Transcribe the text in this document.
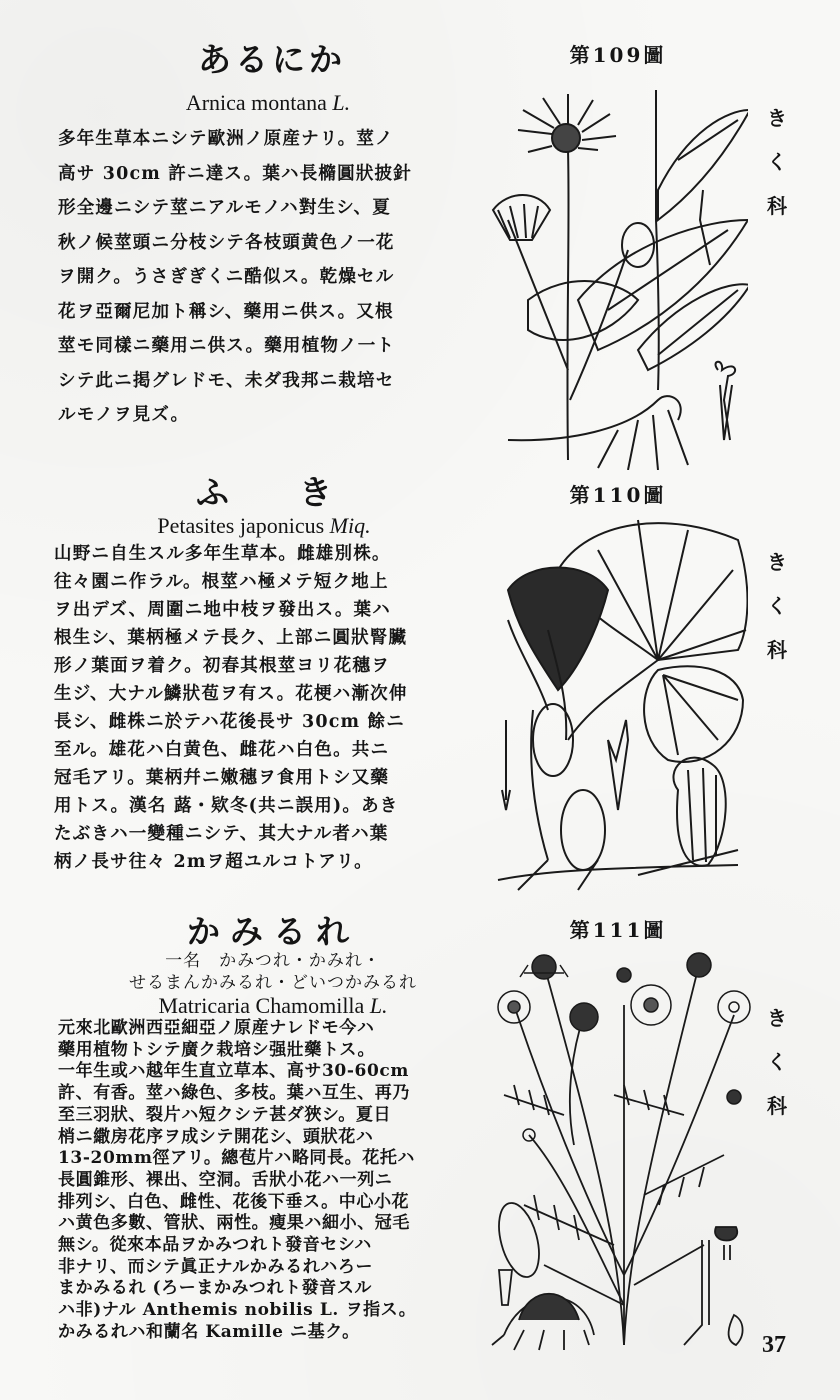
あるにか
Arnica montana L.
多年生草本ニシテ歐洲ノ原産ナリ。莖ノ
高サ 30cm 許ニ達ス。葉ハ長橢圓狀披針
形全邊ニシテ莖ニアルモノハ對生シ、夏
秋ノ候莖頭ニ分枝シテ各枝頭黄色ノ一花
ヲ開ク。うさぎぎくニ酷似ス。乾燥セル
花ヲ亞爾尼加ト稱シ、藥用ニ供ス。又根
莖モ同樣ニ藥用ニ供ス。藥用植物ノ一ト
シテ此ニ掲グレドモ、未ダ我邦ニ栽培セ
ルモノヲ見ズ。
第109圖
ふき
Petasites japonicus Miq.
山野ニ自生スル多年生草本。雌雄別株。
往々園ニ作ラル。根莖ハ極メテ短ク地上
ヲ出デズ、周圍ニ地中枝ヲ發出ス。葉ハ
根生シ、葉柄極メテ長ク、上部ニ圓狀腎臟
形ノ葉面ヲ着ク。初春其根莖ヨリ花穗ヲ
生ジ、大ナル鱗狀苞ヲ有ス。花梗ハ漸次伸
長シ、雌株ニ於テハ花後長サ 30cm 餘ニ
至ル。雄花ハ白黄色、雌花ハ白色。共ニ
冠毛アリ。葉柄幷ニ嫩穗ヲ食用トシ又藥
用トス。漢名 蕗・欵冬(共ニ誤用)。あき
たぶきハ一變種ニシテ、其大ナル者ハ葉
柄ノ長サ往々 2mヲ超ユルコトアリ。
第110圖
かみるれ
一名　かみつれ・かみれ・
せるまんかみるれ・どいつかみるれ
Matricaria Chamomilla L.
元來北歐洲西亞細亞ノ原産ナレドモ今ハ
藥用植物トシテ廣ク栽培シ强壯藥トス。
一年生或ハ越年生直立草本、高サ30-60cm
許、有香。莖ハ綠色、多枝。葉ハ互生、再乃
至三羽狀、裂片ハ短クシテ甚ダ狹シ。夏日
梢ニ繖房花序ヲ成シテ開花シ、頭狀花ハ
13-20mm徑アリ。總苞片ハ略同長。花托ハ
長圓錐形、裸出、空洞。舌狀小花ハ一列ニ
排列シ、白色、雌性、花後下垂ス。中心小花
ハ黄色多數、管狀、兩性。瘦果ハ細小、冠毛
無シ。從來本品ヲかみつれト發音セシハ
非ナリ、而シテ眞正ナルかみるれハろー
まかみるれ (ろーまかみつれト發音スル
ハ非)ナル Anthemis nobilis L. ヲ指ス。
かみるれハ和蘭名 Kamille ニ基ク。
第111圖
き
く
科
き
く
科
き
く
科
37
